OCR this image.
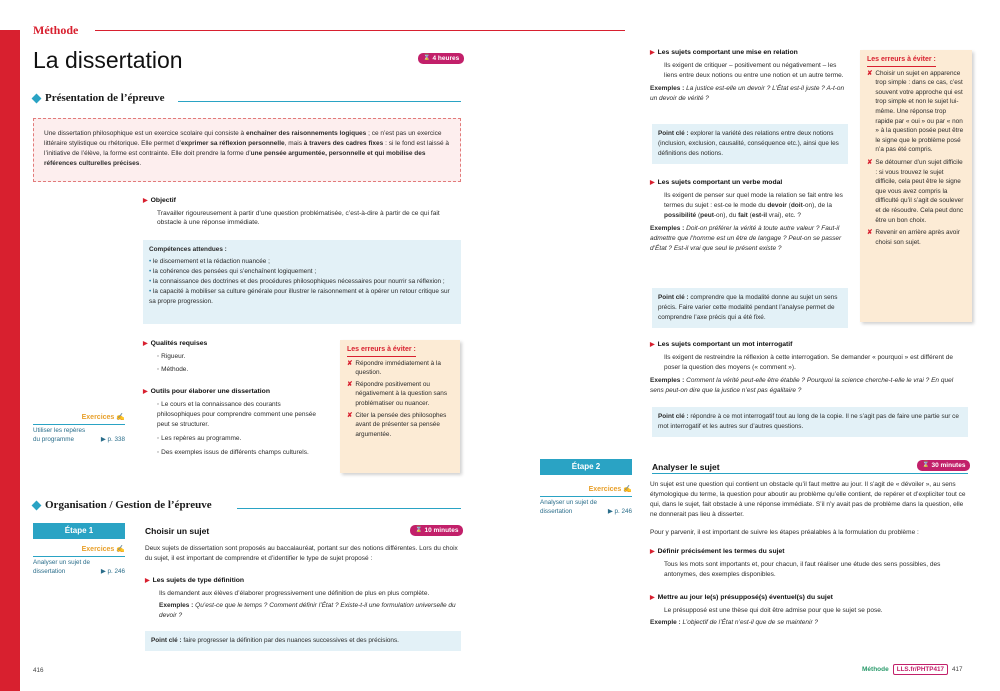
Méthode
La dissertation	⌛ 4 heures
Présentation de l’épreuve
Une dissertation philosophique est un exercice scolaire qui consiste à enchaîner des raisonnements logiques ; ce n’est pas un exercice littéraire stylistique ou rhétorique. Elle permet d’exprimer sa réflexion personnelle, mais à travers des cadres fixes : si le fond est laissé à l’initiative de l’élève, la forme est contrainte. Elle doit prendre la forme d’une pensée argumentée, personnelle et qui mobilise des références culturelles précises.
▶ Objectif
Travailler rigoureusement à partir d’une question problématisée, c’est-à-dire à partir de ce qui fait obstacle à une réponse immédiate.
Compétences attendues :
• le discernement et la rédaction nuancée ;
• la cohérence des pensées qui s’enchaînent logiquement ;
• la connaissance des doctrines et des procédures philosophiques nécessaires pour nourrir sa réflexion ;
• la capacité à mobiliser sa culture générale pour illustrer le raisonnement et à opérer un retour critique sur sa propre progression.
▶ Qualités requises
◦ Rigueur.
◦ Méthode.
▶ Outils pour élaborer une dissertation
◦ Le cours et la connaissance des courants philosophiques pour comprendre comment une pensée peut se structurer.
◦ Les repères au programme.
◦ Des exemples issus de différents champs culturels.
Les erreurs à éviter :
✘ Répondre immédiatement à la question.
✘ Répondre positivement ou négativement à la question sans problématiser ou nuancer.
✘ Citer la pensée des philosophes avant de présenter sa pensée argumentée.
Exercices ✍
Utiliser les repères du programme	▶ p. 338
Organisation / Gestion de l’épreuve
Étape 1	Choisir un sujet	⌛ 10 minutes
Exercices ✍
Analyser un sujet de dissertation	▶ p. 246
Deux sujets de dissertation sont proposés au baccalauréat, portant sur des notions différentes. Lors du choix du sujet, il est important de comprendre et d’identifier le type de sujet proposé :
▶ Les sujets de type définition
Ils demandent aux élèves d’élaborer progressivement une définition de plus en plus complète.
Exemples : Qu’est-ce que le temps ? Comment définir l’État ? Existe-t-il une formulation universelle du devoir ?
Point clé : faire progresser la définition par des nuances successives et des précisions.
▶ Les sujets comportant une mise en relation
Ils exigent de critiquer – positivement ou négativement – les liens entre deux notions ou entre une notion et un autre terme.
Exemples : La justice est-elle un devoir ? L’État est-il juste ? A-t-on un devoir de vérité ?
Point clé : explorer la variété des relations entre deux notions (inclusion, exclusion, causalité, conséquence etc.), ainsi que les définitions des notions.
▶ Les sujets comportant un verbe modal
Ils exigent de penser sur quel mode la relation se fait entre les termes du sujet : est-ce le mode du devoir (doit-on), de la possibilité (peut-on), du fait (est-il vrai), etc. ?
Exemples : Doit-on préférer la vérité à toute autre valeur ? Faut-il admettre que l’homme est un être de langage ? Peut-on se passer d’État ? Est-il vrai que seul le présent existe ?
Point clé : comprendre que la modalité donne au sujet un sens précis. Faire varier cette modalité pendant l’analyse permet de comprendre l’axe précis qui a été fixé.
Les erreurs à éviter :
✘ Choisir un sujet en apparence trop simple : dans ce cas, c’est souvent votre approche qui est trop simple et non le sujet lui-même. Une réponse trop rapide par « oui » ou par « non » à la question posée peut être le signe que le problème posé n’a pas été compris.
✘ Se détourner d’un sujet difficile : si vous trouvez le sujet difficile, cela peut être le signe que vous avez compris la difficulté qu’il s’agit de soulever et de résoudre. Cela peut donc être un bon choix.
✘ Revenir en arrière après avoir choisi son sujet.
▶ Les sujets comportant un mot interrogatif
Ils exigent de restreindre la réflexion à cette interrogation. Se demander « pourquoi » est différent de poser la question des moyens (« comment »).
Exemples : Comment la vérité peut-elle être établie ? Pourquoi la science cherche-t-elle le vrai ? En quel sens peut-on dire que la justice n’est pas égalitaire ?
Point clé : répondre à ce mot interrogatif tout au long de la copie. Il ne s’agit pas de faire une partie sur ce mot interrogatif et les autres sur d’autres questions.
Étape 2	Analyser le sujet	⌛ 30 minutes
Exercices ✍
Analyser un sujet de dissertation	▶ p. 246
Un sujet est une question qui contient un obstacle qu’il faut mettre au jour. Il s’agit de « dévoiler », au sens étymologique du terme, la question pour aboutir au problème qu’elle contient, de repérer et d’expliciter tout ce qui, dans le sujet, fait obstacle à une réponse immédiate. S’il n’y avait pas de problème dans la question, elle ne donnerait pas lieu à disserter.
Pour y parvenir, il est important de suivre les étapes préalables à la formulation du problème :
▶ Définir précisément les termes du sujet
Tous les mots sont importants et, pour chacun, il faut réaliser une étude des sens possibles, des antonymes, des exemples disponibles.
▶ Mettre au jour le(s) présupposé(s) éventuel(s) du sujet
Le présupposé est une thèse qui doit être admise pour que le sujet se pose.
Exemple : L’objectif de l’État n’est-il que de se maintenir ?
416	Méthode	LLS.fr/PHTP417	417
